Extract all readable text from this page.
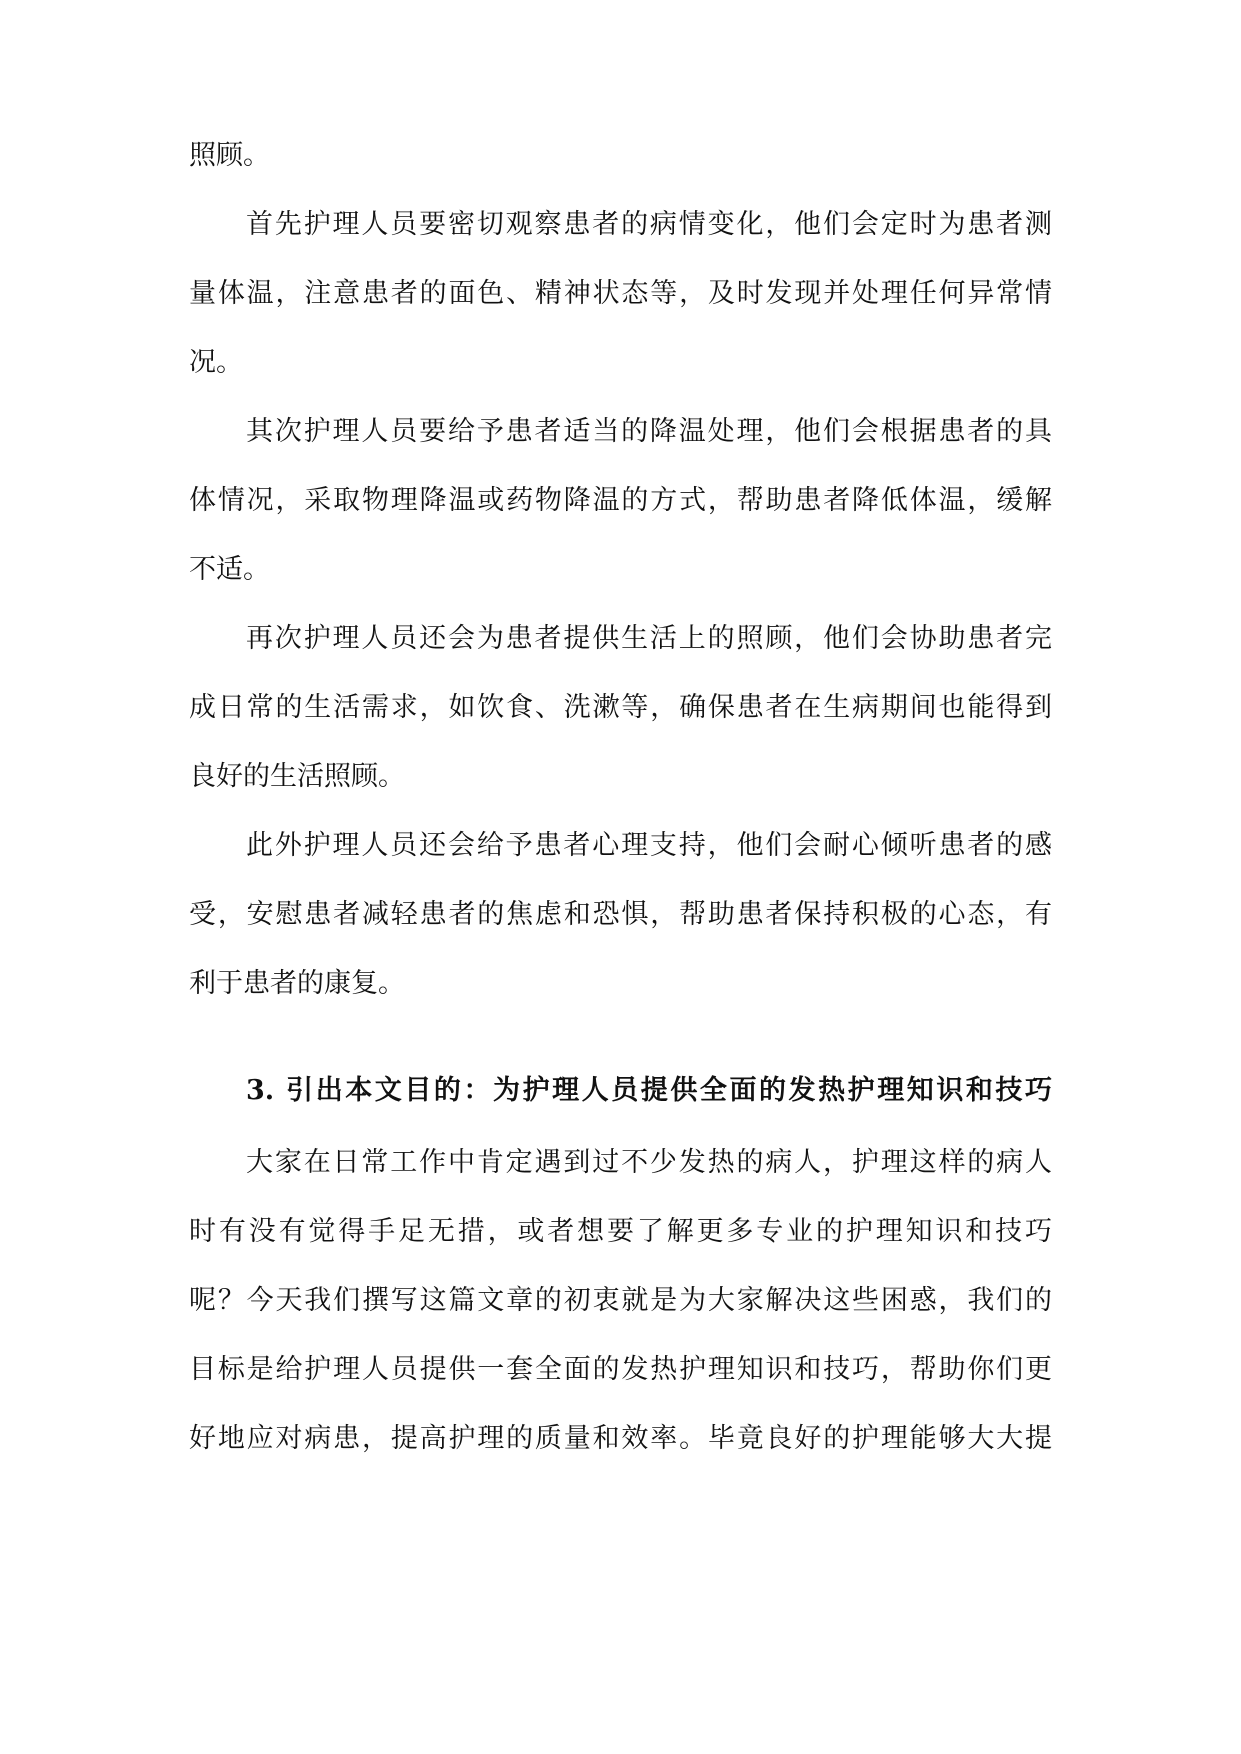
照顾。
首先护理人员要密切观察患者的病情变化，他们会定时为患者测
量体温，注意患者的面色、精神状态等，及时发现并处理任何异常情
况。
其次护理人员要给予患者适当的降温处理，他们会根据患者的具
体情况，采取物理降温或药物降温的方式，帮助患者降低体温，缓解
不适。
再次护理人员还会为患者提供生活上的照顾，他们会协助患者完
成日常的生活需求，如饮食、洗漱等，确保患者在生病期间也能得到
良好的生活照顾。
此外护理人员还会给予患者心理支持，他们会耐心倾听患者的感
受，安慰患者减轻患者的焦虑和恐惧，帮助患者保持积极的心态，有
利于患者的康复。
3. 引出本文目的：为护理人员提供全面的发热护理知识和技巧
大家在日常工作中肯定遇到过不少发热的病人，护理这样的病人
时有没有觉得手足无措，或者想要了解更多专业的护理知识和技巧
呢？今天我们撰写这篇文章的初衷就是为大家解决这些困惑，我们的
目标是给护理人员提供一套全面的发热护理知识和技巧，帮助你们更
好地应对病患，提高护理的质量和效率。毕竟良好的护理能够大大提
